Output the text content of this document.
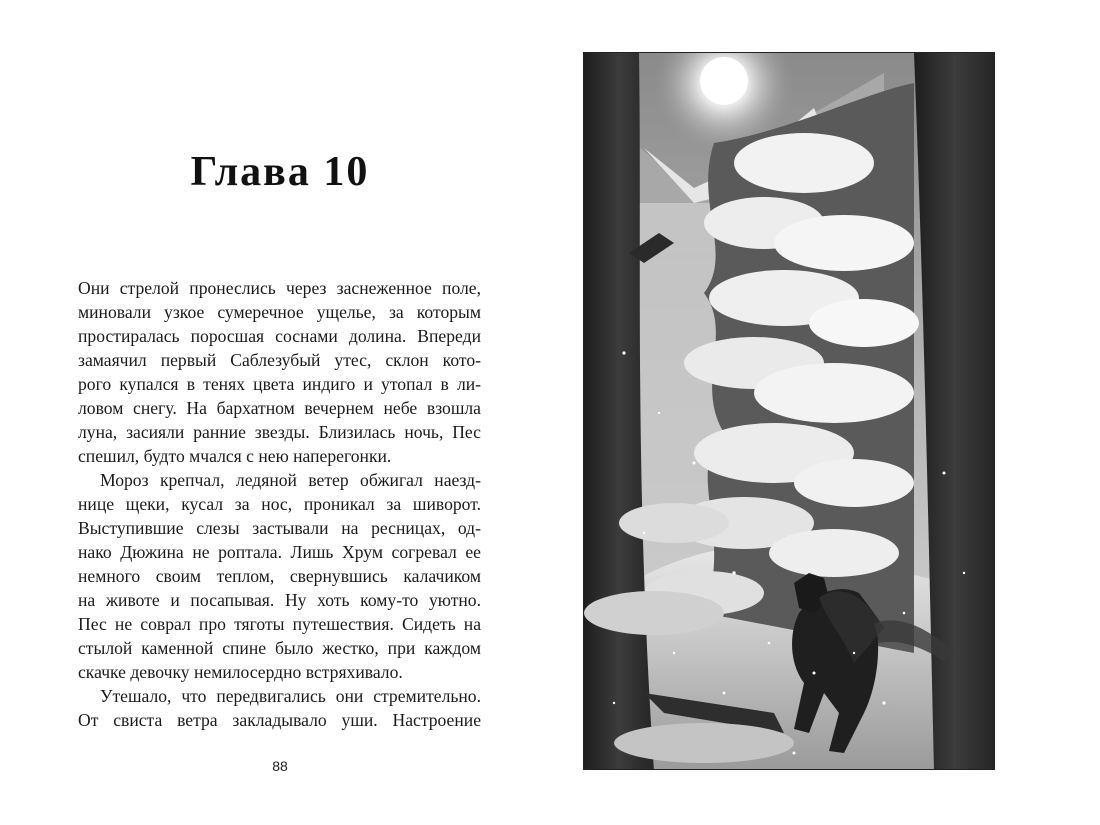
Глава 10

Они стрелой пронеслись через заснеженное поле,
миновали узкое сумеречное ущелье, за которым
простиралась поросшая соснами долина. Впереди
замаячил первый Саблезубый утес, склон кото-
рого купался в тенях цвета индиго и утопал в ли-
ловом снегу. На бархатном вечернем небе взошла
луна, засияли ранние звезды. Близилась ночь, Пес
спешил, будто мчался с нею наперегонки.

Мороз крепчал, ледяной ветер обжигал наезд-
нице щеки, кусал за нос, проникал за шиворот.
Выступившие слезы застывали на ресницах, од-
нако Дюжина не роптала. Лишь Хрум согревал ее
немного своим теплом, свернувшись калачиком
на животе и посапывая. Ну хоть кому-то уютно.
Пес не соврал про тяготы путешествия. Сидеть на
стылой каменной спине было жестко, при каждом
скачке девочку немилосердно встряхивало.

Утешало, что передвигались они стремительно.
От свиста ветра закладывало уши. Настроение

88
